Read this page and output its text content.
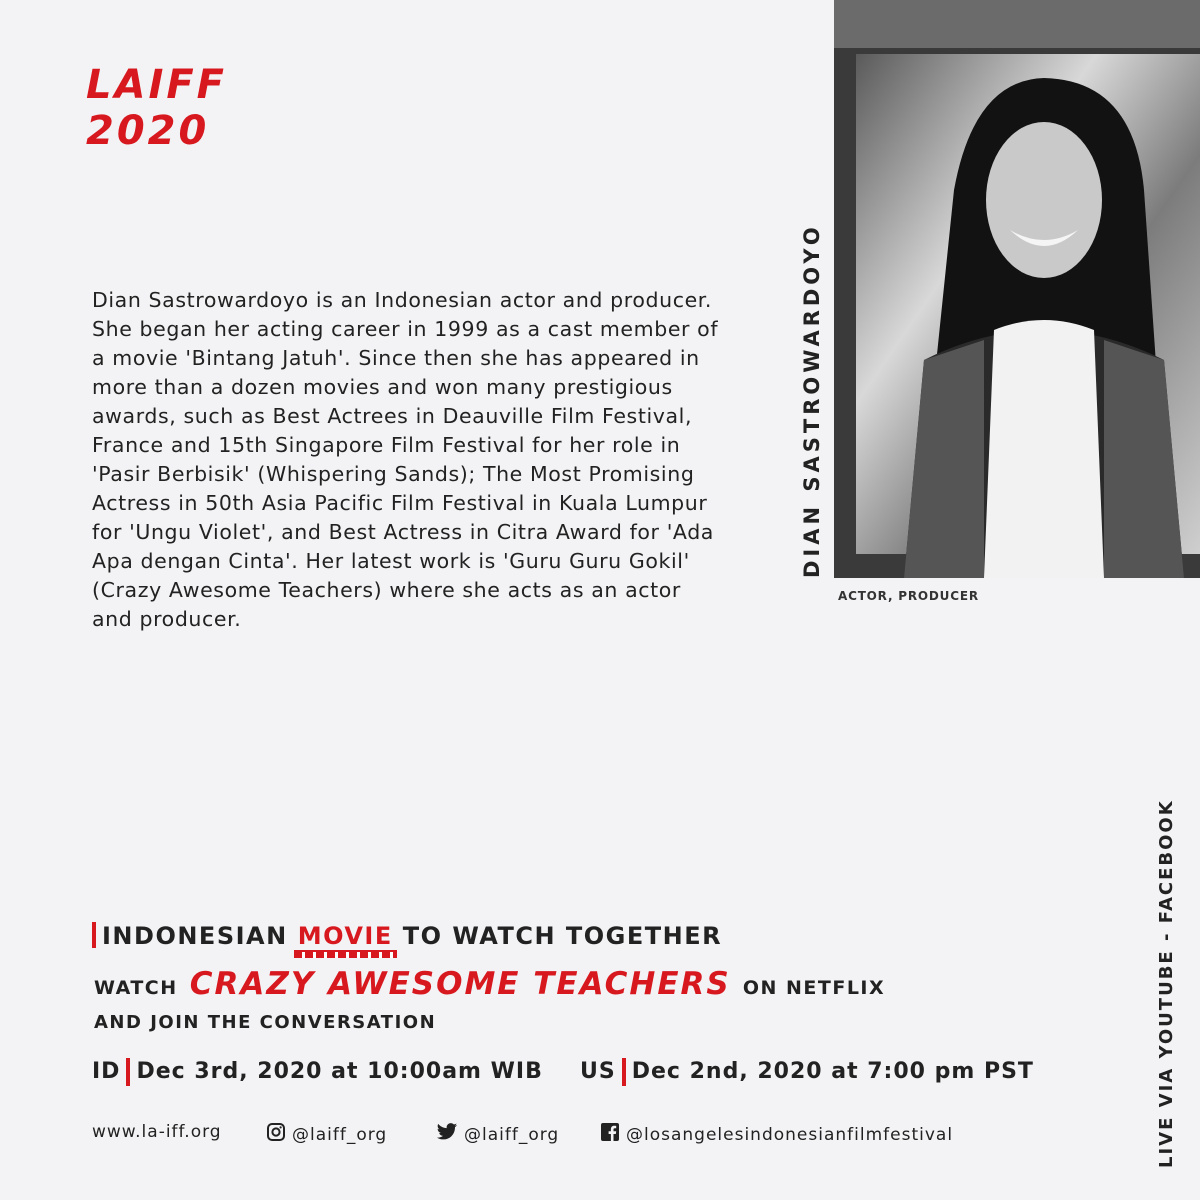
LAIFF
2020
Dian Sastrowardoyo is an Indonesian actor and producer. She began her acting career in 1999 as a cast member of a movie 'Bintang Jatuh'. Since then she has appeared in more than a dozen movies and won many prestigious awards, such as Best Actrees in Deauville Film Festival, France and 15th Singapore Film Festival for her role in 'Pasir Berbisik' (Whispering Sands); The Most Promising Actress in 50th Asia Pacific Film Festival in Kuala Lumpur for 'Ungu Violet', and Best Actress in Citra Award for 'Ada Apa dengan Cinta'. Her latest work is 'Guru Guru Gokil' (Crazy Awesome Teachers) where she acts as an actor and producer.
DIAN SASTROWARDOYO
ACTOR, PRODUCER
LIVE VIA YOUTUBE - FACEBOOK
INDONESIAN MOVIE TO WATCH TOGETHER
WATCH CRAZY AWESOME TEACHERS ON NETFLIX
AND JOIN THE CONVERSATION
ID Dec 3rd, 2020 at 10:00am WIB US Dec 2nd, 2020 at 7:00 pm PST
www.la-iff.org	@laiff_org	@laiff_org	@losangelesindonesianfilmfestival
